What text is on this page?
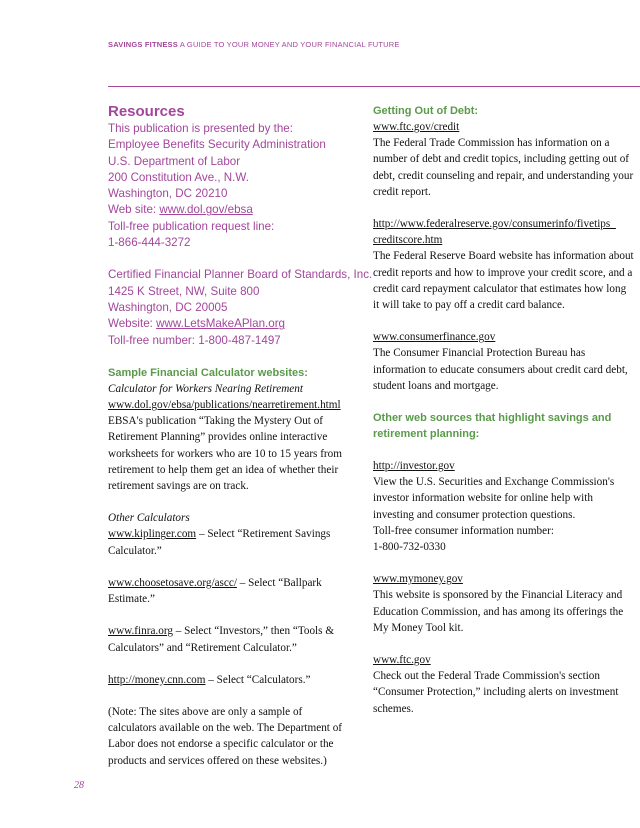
SAVINGS FITNESS A GUIDE TO YOUR MONEY AND YOUR FINANCIAL FUTURE
Resources
This publication is presented by the:
Employee Benefits Security Administration
U.S. Department of Labor
200 Constitution Ave., N.W.
Washington, DC 20210
Web site: www.dol.gov/ebsa
Toll-free publication request line:
1-866-444-3272
Certified Financial Planner Board of Standards, Inc.
1425 K Street, NW, Suite 800
Washington, DC 20005
Website: www.LetsMakeAPlan.org
Toll-free number: 1-800-487-1497
Sample Financial Calculator websites:
Calculator for Workers Nearing Retirement
www.dol.gov/ebsa/publications/nearretirement.html
EBSA's publication “Taking the Mystery Out of Retirement Planning” provides online interactive worksheets for workers who are 10 to 15 years from retirement to help them get an idea of whether their retirement savings are on track.
Other Calculators
www.kiplinger.com – Select “Retirement Savings Calculator.”
www.choosetosave.org/ascc/ – Select “Ballpark Estimate.”
www.finra.org – Select “Investors,” then “Tools & Calculators” and “Retirement Calculator.”
http://money.cnn.com – Select “Calculators.”
(Note: The sites above are only a sample of calculators available on the web. The Department of Labor does not endorse a specific calculator or the products and services offered on these websites.)
Getting Out of Debt:
www.ftc.gov/credit
The Federal Trade Commission has information on a number of debt and credit topics, including getting out of debt, credit counseling and repair, and understanding your credit report.
http://www.federalreserve.gov/consumerinfo/fivetips_
creditscore.htm
The Federal Reserve Board website has information about credit reports and how to improve your credit score, and a credit card repayment calculator that estimates how long it will take to pay off a credit card balance.
www.consumerfinance.gov
The Consumer Financial Protection Bureau has information to educate consumers about credit card debt, student loans and mortgage.
Other web sources that highlight savings and retirement planning:
http://investor.gov
View the U.S. Securities and Exchange Commission's investor information website for online help with investing and consumer protection questions.
Toll-free consumer information number:
1-800-732-0330
www.mymoney.gov
This website is sponsored by the Financial Literacy and Education Commission, and has among its offerings the My Money Tool kit.
www.ftc.gov
Check out the Federal Trade Commission's section “Consumer Protection,” including alerts on investment schemes.
28
